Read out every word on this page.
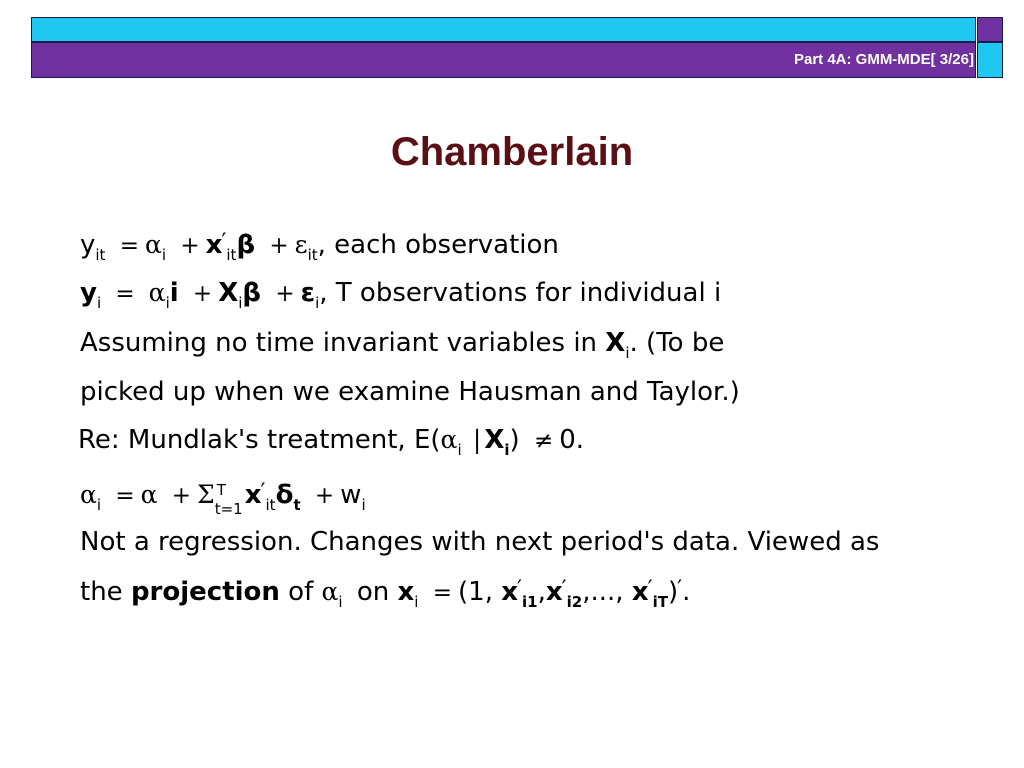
Part 4A: GMM-MDE[ 3/26]
Chamberlain
$y_{it} = \alpha_i + x'_{it}\beta + \varepsilon_{it}$, each observation
$y_i = \alpha_ii + X_i\beta + \varepsilon_i$, T observations for individual i
Assuming no time invariant variables in $X_i$. (To be
picked up when we examine Hausman and Taylor.)
Re: Mundlak's treatment, $E(\alpha_i$ | $X_i) \ne 0$.
$\alpha_i = \alpha + \Sigma$ T
t=1 $x'_{it}\delta_t + w_i$
Not a regression. Changes with next period's data. Viewed as
the projection of $\alpha_i$ on $x_i = (1$, $x'_{i1},x'_{i2}$,..., $x'_{iT})'$.
